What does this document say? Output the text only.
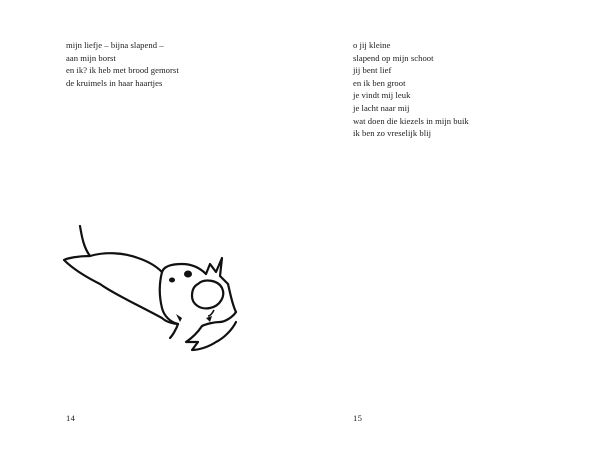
mijn liefje – bijna slapend –
aan mijn borst
en ik? ik heb met brood gemorst
de kruimels in haar haartjes
14
o jij kleine
slapend op mijn schoot
jij bent lief
en ik ben groot
je vindt mij leuk
je lacht naar mij
wat doen die kiezels in mijn buik
ik ben zo vreselijk blij
15
